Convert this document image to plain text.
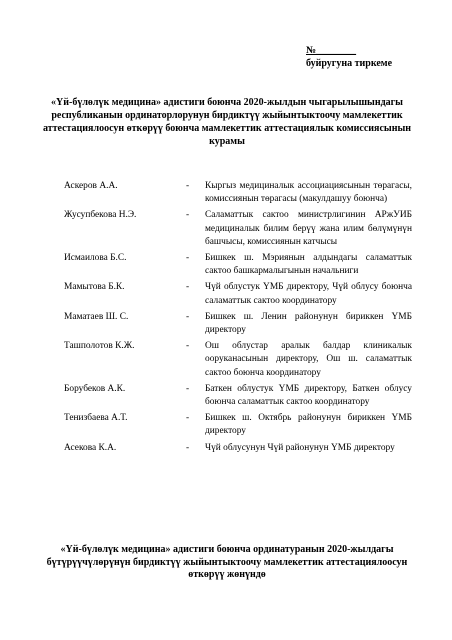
№________
буйругуна тиркеме
«Үй-бүлөлүк медицина» адистиги боюнча 2020-жылдын чыгарылышындагы республиканын ординаторлорунун бирдиктүү жыйынтыктоочу мамлекеттик аттестациялоосун өткөрүү боюнча мамлекеттик аттестациялык комиссиясынын курамы
Аскеров А.А.	- Кыргыз медициналык ассоциациясынын төрагасы, комиссиянын төрагасы (макулдашуу боюнча)
Жусупбекова Н.Э.	- Саламаттык сактоо министрлигинин АРжУИБ медициналык билим берүү жана илим бөлүмүнүн башчысы, комиссиянын катчысы
Исмаилова Б.С.	- Бишкек ш. Мэриянын алдындагы саламаттык сактоо башкармалыгынын начальниги
Мамытова Б.К.	- Чүй облустук ҮМБ директору, Чүй облусу боюнча саламаттык сактоо координатору
Маматаев Ш. С.	- Бишкек ш. Ленин районунун бириккен ҮМБ директору
Ташполотов К.Ж.	- Ош облустар аралык балдар клиникалык ооруканасынын директору, Ош ш. саламаттык сактоо боюнча координатору
Борубеков А.К.	- Баткен облустук ҮМБ директору, Баткен облусу боюнча саламаттык сактоо координатору
Тенизбаева А.Т.	- Бишкек ш. Октябрь районунун бириккен ҮМБ директору
Асекова К.А.	- Чүй облусунун Чүй районунун ҮМБ директору
«Үй-бүлөлүк медицина» адистиги боюнча ординатуранын 2020-жылдагы бүтүрүүчүлөрүнүн бирдиктүү жыйынтыктоочу мамлекеттик аттестациялоосун өткөрүү жөнүндө
